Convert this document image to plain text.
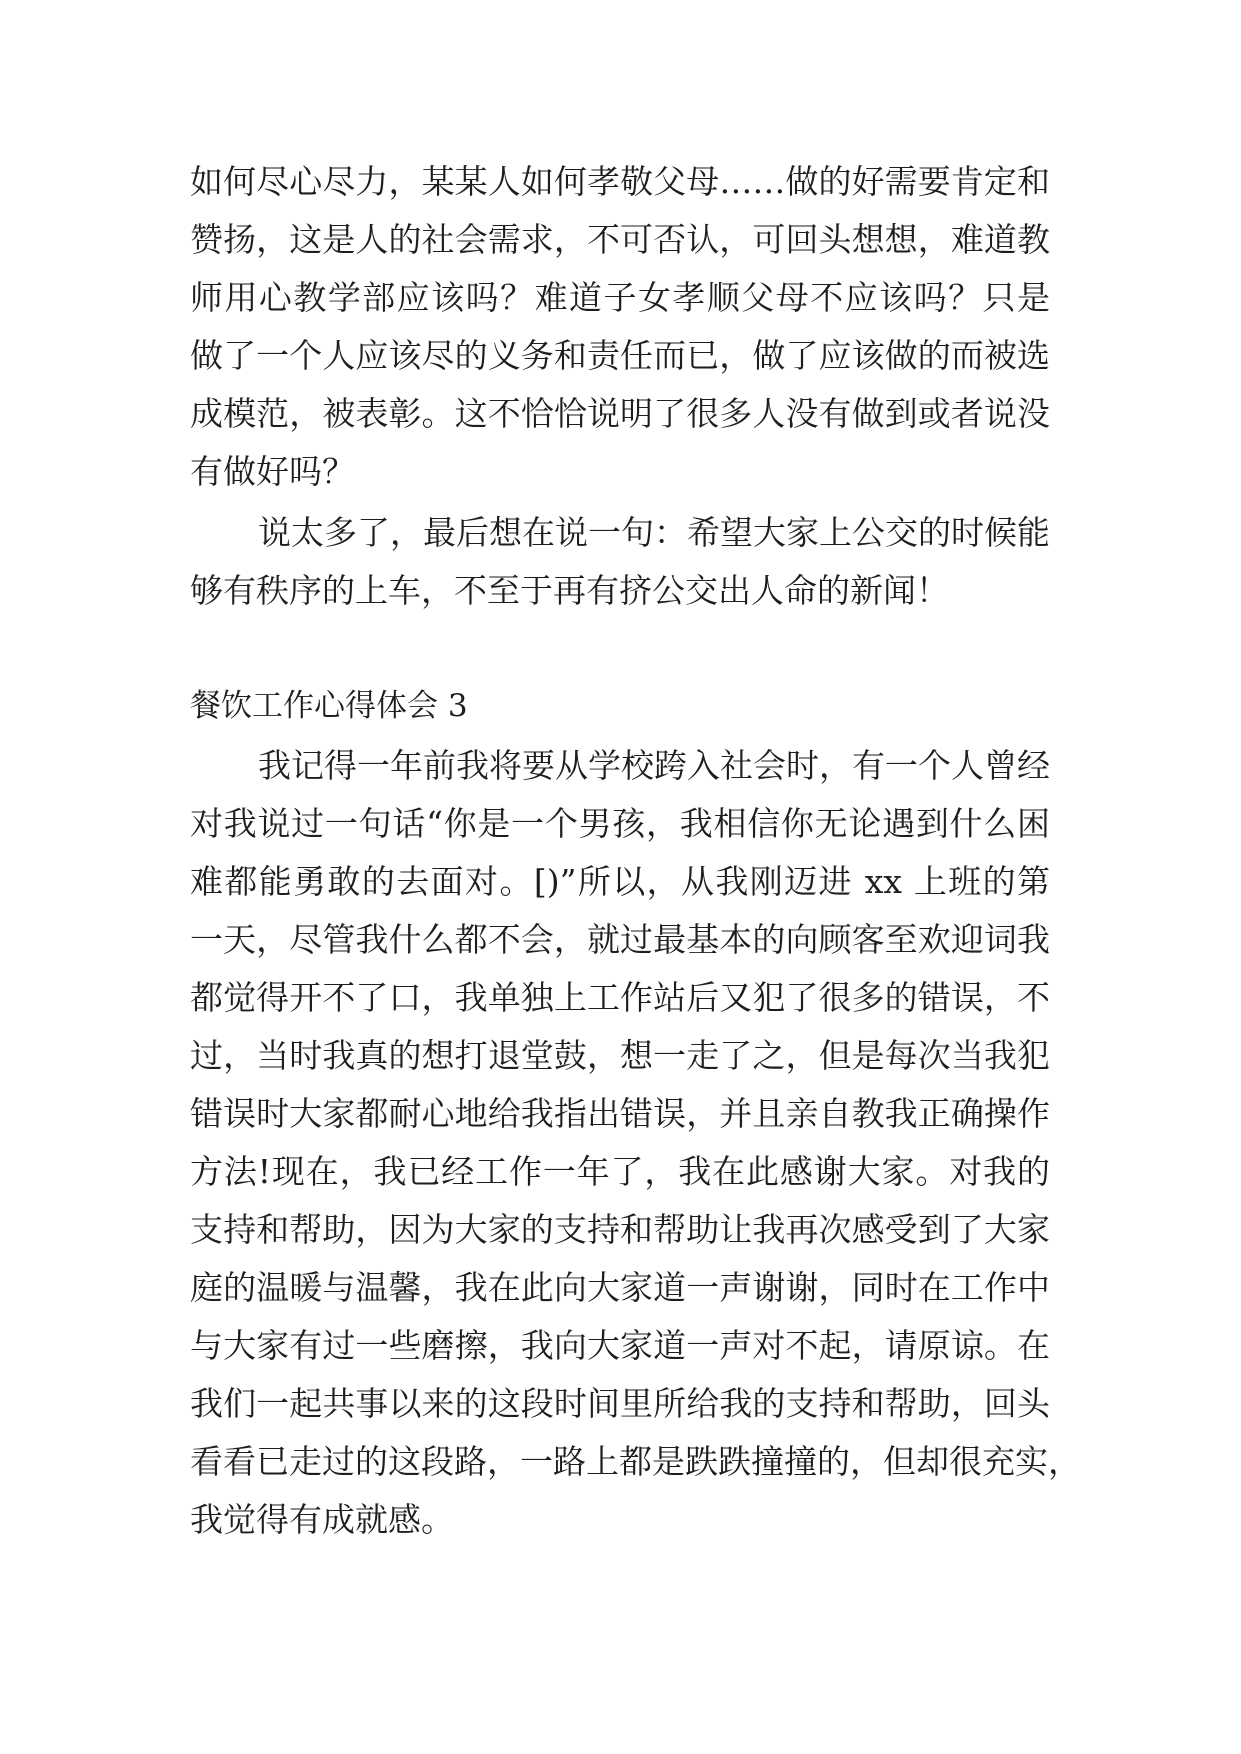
如何尽心尽力，某某人如何孝敬父母……做的好需要肯定和
赞扬，这是人的社会需求，不可否认，可回头想想，难道教
师用心教学部应该吗？难道子女孝顺父母不应该吗？只是
做了一个人应该尽的义务和责任而已，做了应该做的而被选
成模范，被表彰。这不恰恰说明了很多人没有做到或者说没
有做好吗？
说太多了，最后想在说一句：希望大家上公交的时候能
够有秩序的上车，不至于再有挤公交出人命的新闻！
餐饮工作心得体会 3
我记得一年前我将要从学校跨入社会时，有一个人曾经
对我说过一句话“你是一个男孩，我相信你无论遇到什么困
难都能勇敢的去面对。[)”所以，从我刚迈进 xx 上班的第
一天，尽管我什么都不会，就过最基本的向顾客至欢迎词我
都觉得开不了口，我单独上工作站后又犯了很多的错误，不
过，当时我真的想打退堂鼓，想一走了之，但是每次当我犯
错误时大家都耐心地给我指出错误，并且亲自教我正确操作
方法!现在，我已经工作一年了，我在此感谢大家。对我的
支持和帮助，因为大家的支持和帮助让我再次感受到了大家
庭的温暖与温馨，我在此向大家道一声谢谢，同时在工作中
与大家有过一些磨擦，我向大家道一声对不起，请原谅。在
我们一起共事以来的这段时间里所给我的支持和帮助，回头
看看已走过的这段路，一路上都是跌跌撞撞的，但却很充实，
我觉得有成就感。
